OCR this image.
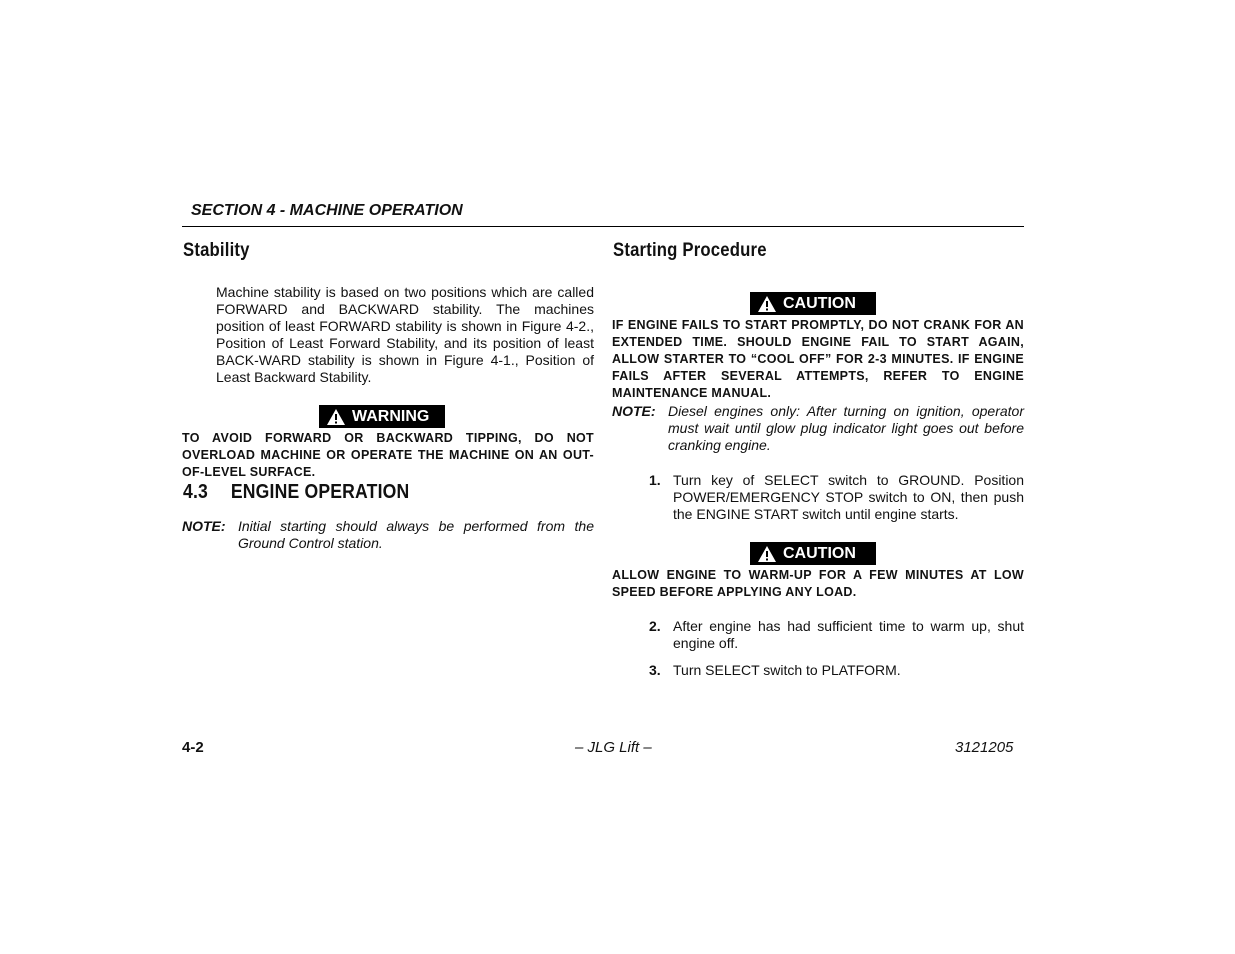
SECTION 4 - MACHINE OPERATION
Stability
Machine stability is based on two positions which are called FORWARD and BACKWARD stability. The machines position of least FORWARD stability is shown in Figure 4-2., Position of Least Forward Stability, and its position of least BACK-WARD stability is shown in Figure 4-1., Position of Least Backward Stability.
WARNING
TO AVOID FORWARD OR BACKWARD TIPPING, DO NOT OVERLOAD MACHINE OR OPERATE THE MACHINE ON AN OUT-OF-LEVEL SURFACE.
4.3 ENGINE OPERATION
NOTE: Initial starting should always be performed from the Ground Control station.
Starting Procedure
CAUTION
IF ENGINE FAILS TO START PROMPTLY, DO NOT CRANK FOR AN EXTENDED TIME. SHOULD ENGINE FAIL TO START AGAIN, ALLOW STARTER TO “COOL OFF” FOR 2-3 MINUTES. IF ENGINE FAILS AFTER SEVERAL ATTEMPTS, REFER TO ENGINE MAINTENANCE MANUAL.
NOTE: Diesel engines only: After turning on ignition, operator must wait until glow plug indicator light goes out before cranking engine.
1. Turn key of SELECT switch to GROUND. Position POWER/EMERGENCY STOP switch to ON, then push the ENGINE START switch until engine starts.
CAUTION
ALLOW ENGINE TO WARM-UP FOR A FEW MINUTES AT LOW SPEED BEFORE APPLYING ANY LOAD.
2. After engine has had sufficient time to warm up, shut engine off.
3. Turn SELECT switch to PLATFORM.
4-2	– JLG Lift –	3121205
